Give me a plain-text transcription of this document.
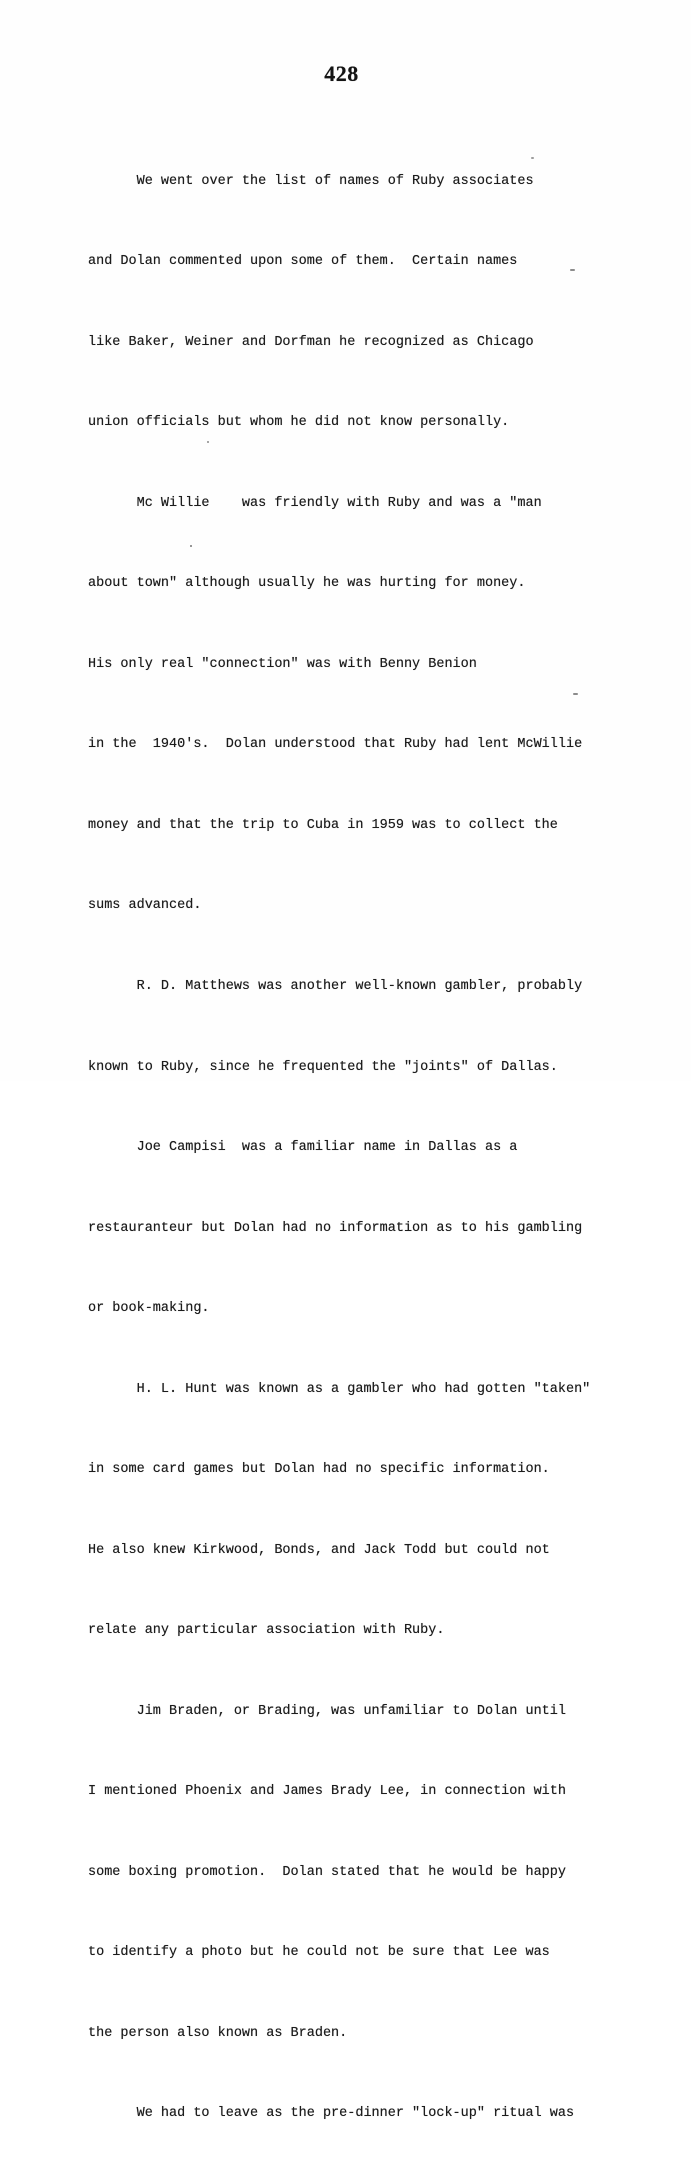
428

We went over the list of names of Ruby associates

and Dolan commented upon some of them.  Certain names

like Baker, Weiner and Dorfman he recognized as Chicago

union officials but whom he did not know personally.

Mc Willie    was friendly with Ruby and was a "man

about town" although usually he was hurting for money.

His only real "connection" was with Benny Benion

in the  1940's.  Dolan understood that Ruby had lent McWillie

money and that the trip to Cuba in 1959 was to collect the

sums advanced.

R. D. Matthews was another well-known gambler, probably

known to Ruby, since he frequented the "joints" of Dallas.

Joe Campisi  was a familiar name in Dallas as a

restauranteur but Dolan had no information as to his gambling

or book-making.

H. L. Hunt was known as a gambler who had gotten "taken"

in some card games but Dolan had no specific information.

He also knew Kirkwood, Bonds, and Jack Todd but could not

relate any particular association with Ruby.

Jim Braden, or Brading, was unfamiliar to Dolan until

I mentioned Phoenix and James Brady Lee, in connection with

some boxing promotion.  Dolan stated that he would be happy

to identify a photo but he could not be sure that Lee was

the person also known as Braden.

We had to leave as the pre-dinner "lock-up" ritual was
